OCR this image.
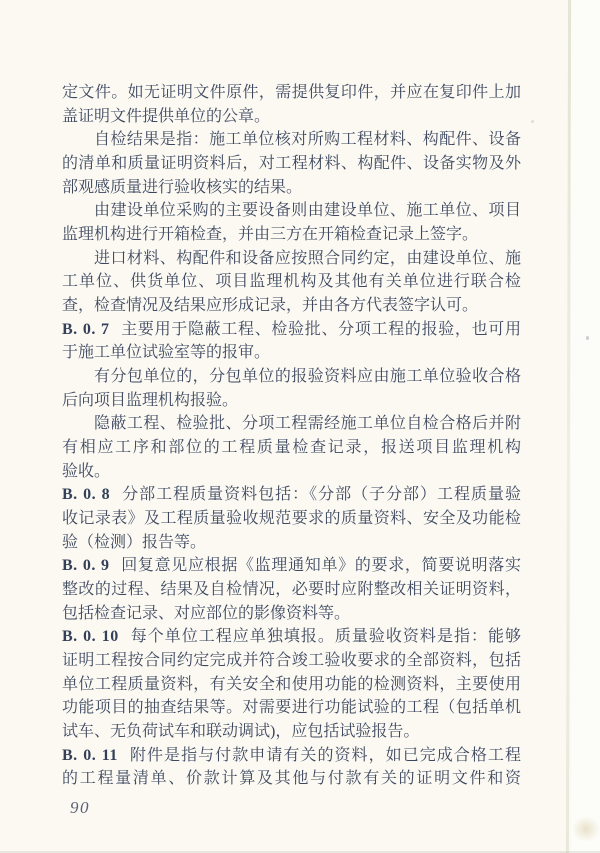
定文件。如无证明文件原件，需提供复印件，并应在复印件上加
盖证明文件提供单位的公章。
自检结果是指：施工单位核对所购工程材料、构配件、设备
的清单和质量证明资料后，对工程材料、构配件、设备实物及外
部观感质量进行验收核实的结果。
由建设单位采购的主要设备则由建设单位、施工单位、项目
监理机构进行开箱检查，并由三方在开箱检查记录上签字。
进口材料、构配件和设备应按照合同约定，由建设单位、施
工单位、供货单位、项目监理机构及其他有关单位进行联合检
查，检查情况及结果应形成记录，并由各方代表签字认可。
B. 0. 7 主要用于隐蔽工程、检验批、分项工程的报验，也可用
于施工单位试验室等的报审。
有分包单位的，分包单位的报验资料应由施工单位验收合格
后向项目监理机构报验。
隐蔽工程、检验批、分项工程需经施工单位自检合格后并附
有相应工序和部位的工程质量检查记录，报送项目监理机构
验收。
B. 0. 8 分部工程质量资料包括：《分部（子分部）工程质量验
收记录表》及工程质量验收规范要求的质量资料、安全及功能检
验（检测）报告等。
B. 0. 9 回复意见应根据《监理通知单》的要求，简要说明落实
整改的过程、结果及自检情况，必要时应附整改相关证明资料，
包括检查记录、对应部位的影像资料等。
B. 0. 10 每个单位工程应单独填报。质量验收资料是指：能够
证明工程按合同约定完成并符合竣工验收要求的全部资料，包括
单位工程质量资料，有关安全和使用功能的检测资料，主要使用
功能项目的抽查结果等。对需要进行功能试验的工程（包括单机
试车、无负荷试车和联动调试)，应包括试验报告。
B. 0. 11 附件是指与付款申请有关的资料，如已完成合格工程
的工程量清单、价款计算及其他与付款有关的证明文件和资
90
